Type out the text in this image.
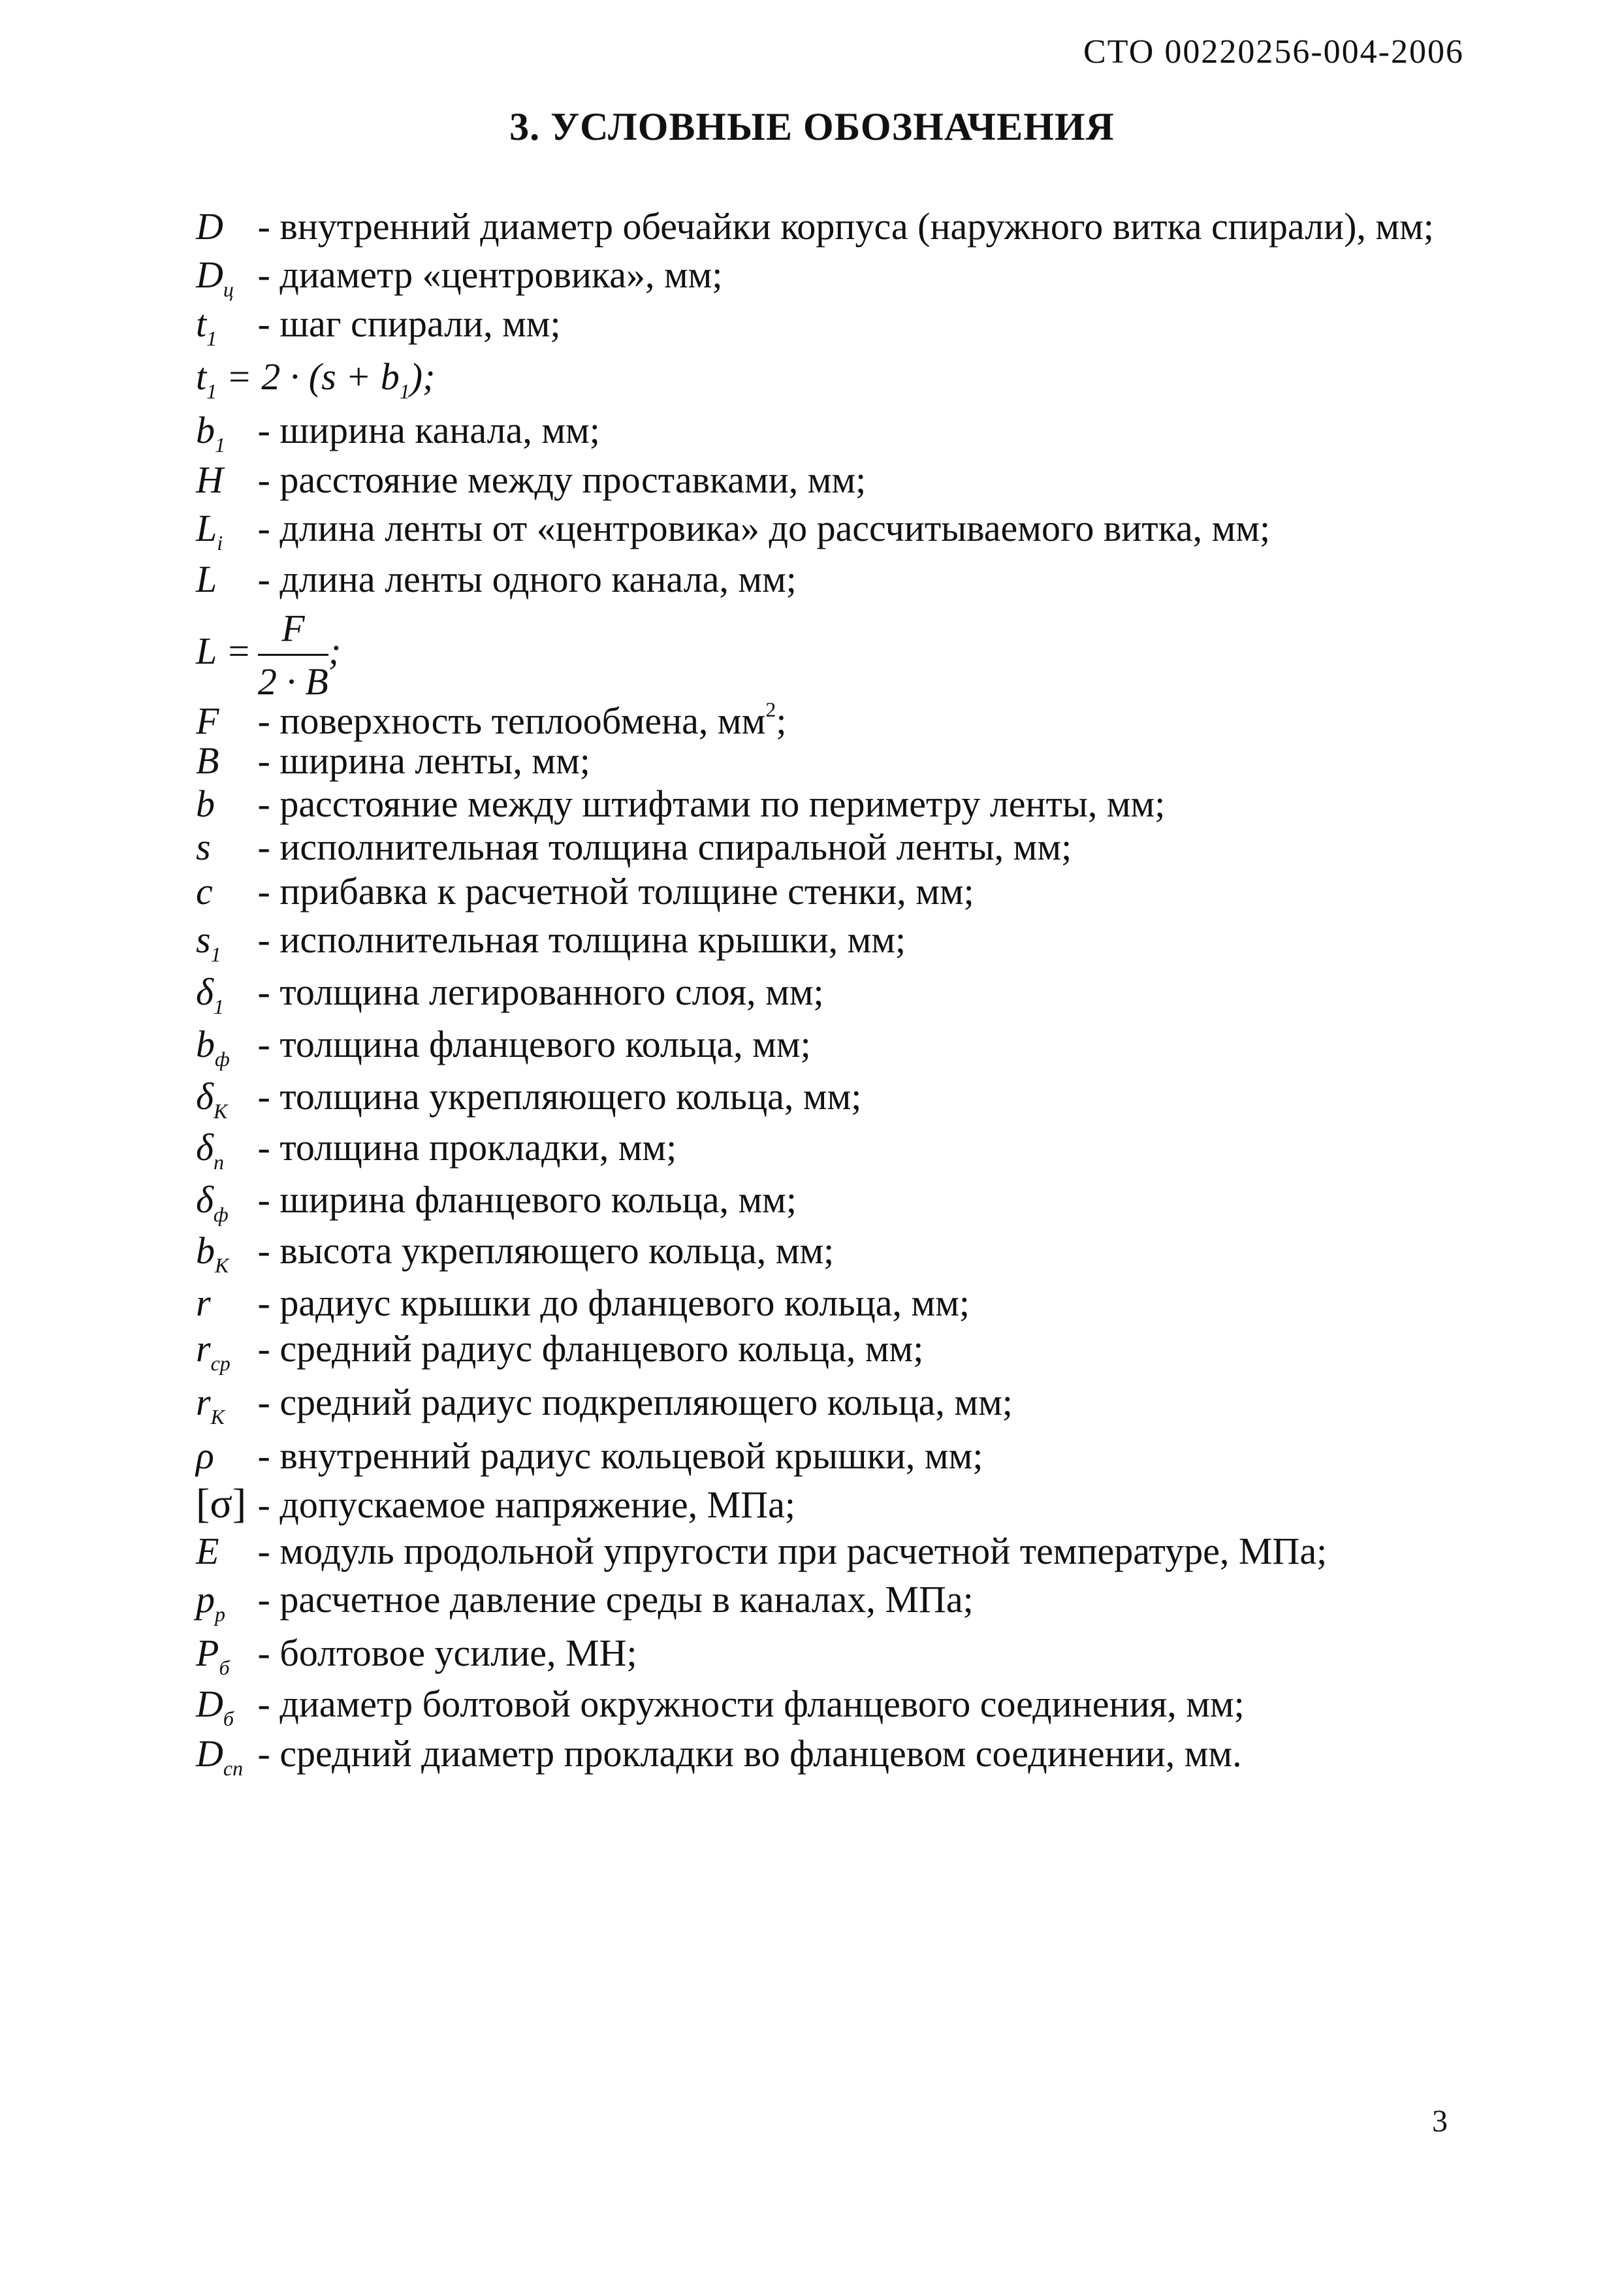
СТО 00220256-004-2006
3. УСЛОВНЫЕ ОБОЗНАЧЕНИЯ
D - внутренний диаметр обечайки корпуса (наружного витка спирали), мм;
$D_ц$ - диаметр «центровика», мм;
$t_1$ - шаг спирали, мм;
$t_1 = 2 \cdot (s + b_1)$;
$b_1$ - ширина канала, мм;
H - расстояние между проставками, мм;
$L_i$ - длина ленты от «центровика» до рассчитываемого витка, мм;
L - длина ленты одного канала, мм;
$L = \frac{F}{2 \cdot B}$ ;
F - поверхность теплообмена, $мм^2$;
B - ширина ленты, мм;
b - расстояние между штифтами по периметру ленты, мм;
s - исполнительная толщина спиральной ленты, мм;
c - прибавка к расчетной толщине стенки, мм;
$s_1$ - исполнительная толщина крышки, мм;
$\delta_1$ - толщина легированного слоя, мм;
$b_ф$ - толщина фланцевого кольца, мм;
$\delta_К$ - толщина укрепляющего кольца, мм;
$\delta_п$ - толщина прокладки, мм;
$\delta_ф$ - ширина фланцевого кольца, мм;
$b_К$ - высота укрепляющего кольца, мм;
r - радиус крышки до фланцевого кольца, мм;
$r_{ср}$ - средний радиус фланцевого кольца, мм;
$r_К$ - средний радиус подкрепляющего кольца, мм;
ρ - внутренний радиус кольцевой крышки, мм;
[σ] - допускаемое напряжение, МПа;
E - модуль продольной упругости при расчетной температуре, МПа;
$p_р$ - расчетное давление среды в каналах, МПа;
$P_б$ - болтовое усилие, МН;
$D_б$ - диаметр болтовой окружности фланцевого соединения, мм;
$D_{сп}$ - средний диаметр прокладки во фланцевом соединении, мм.
3
